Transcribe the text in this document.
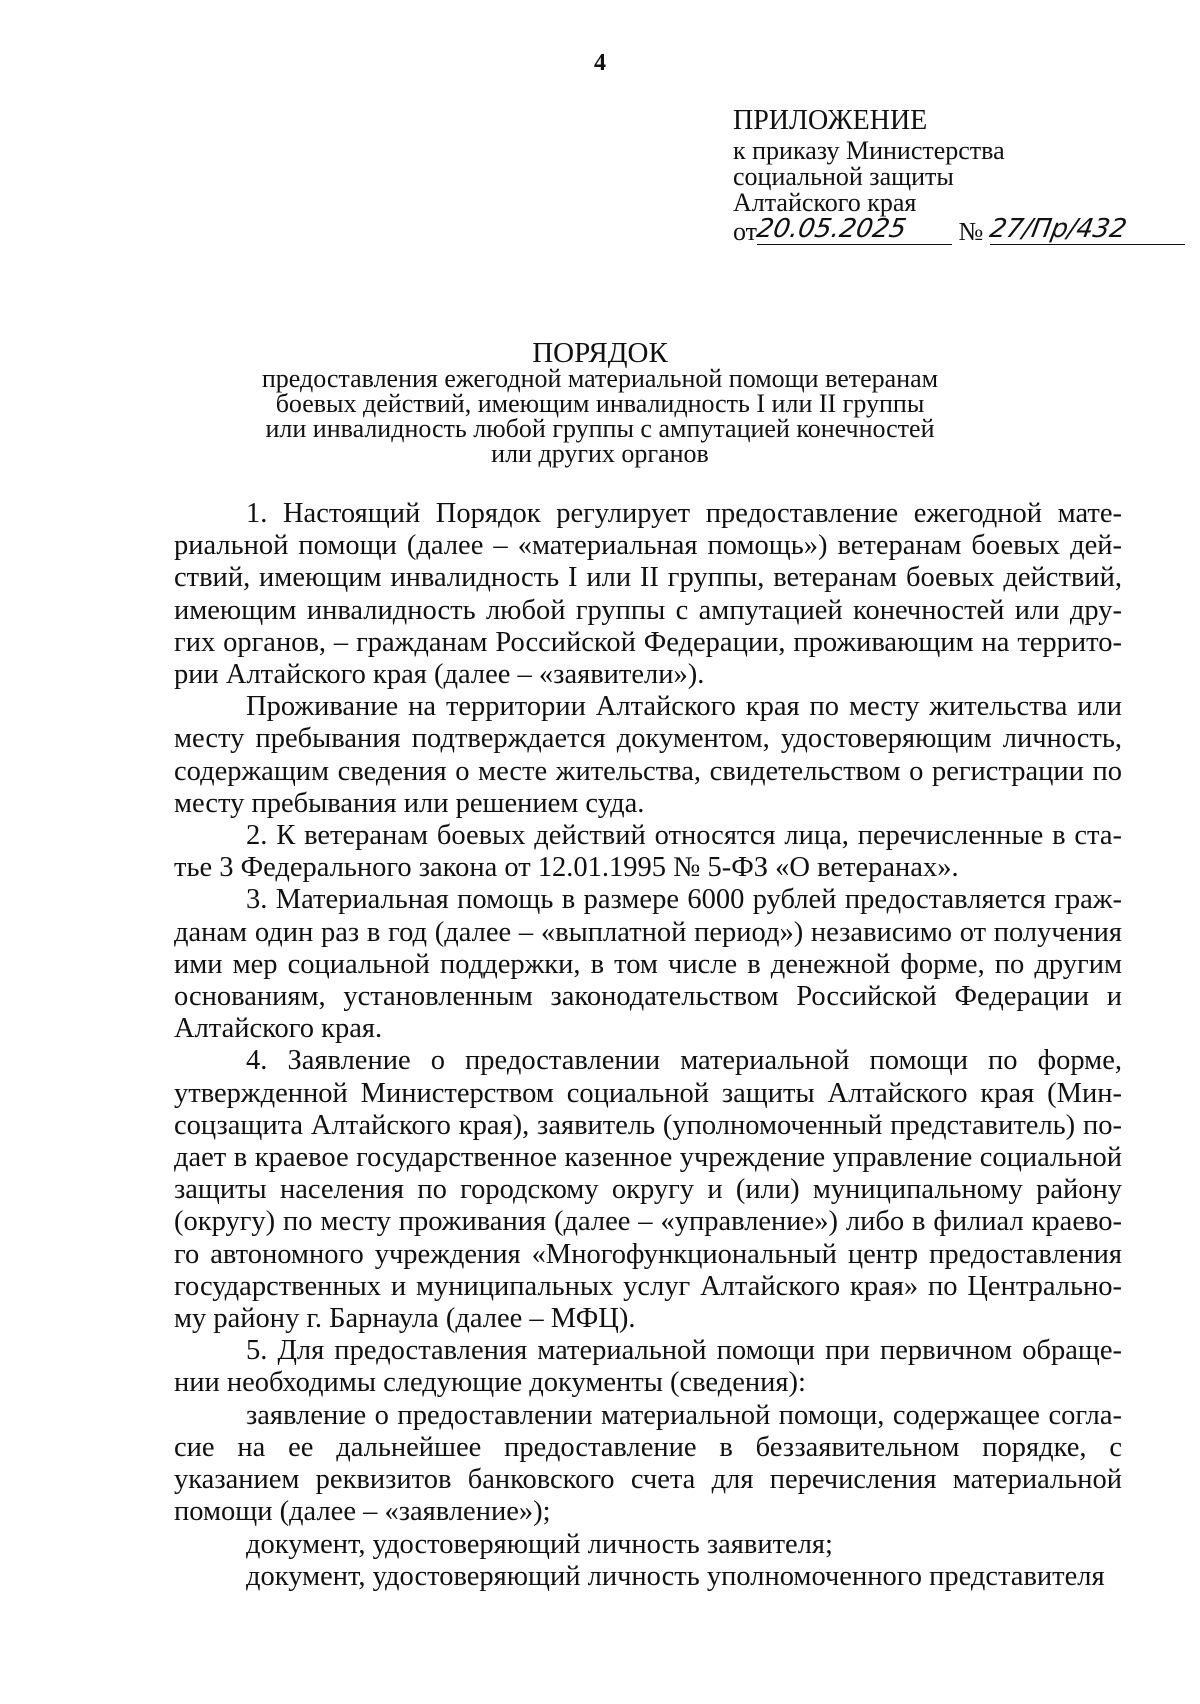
4
ПРИЛОЖЕНИЕ
к приказу Министерства
социальной защиты
Алтайского края
от
20.05.2025 № 27/Пр/432
ПОРЯДОК
предоставления ежегодной материальной помощи ветеранам
боевых действий, имеющим инвалидность I или II группы
или инвалидность любой группы с ампутацией конечностей
или других органов

1. Настоящий Порядок регулирует предоставление ежегодной материальной помощи (далее – «материальная помощь») ветеранам боевых действий, имеющим инвалидность I или II группы, ветеранам боевых действий, имеющим инвалидность любой группы с ампутацией конечностей или других органов, – гражданам Российской Федерации, проживающим на территории Алтайского края (далее – «заявители»).

Проживание на территории Алтайского края по месту жительства или месту пребывания подтверждается документом, удостоверяющим личность, содержащим сведения о месте жительства, свидетельством о регистрации по месту пребывания или решением суда.

2. К ветеранам боевых действий относятся лица, перечисленные в статье 3 Федерального закона от 12.01.1995 № 5-ФЗ «О ветеранах».

3. Материальная помощь в размере 6000 рублей предоставляется гражданам один раз в год (далее – «выплатной период») независимо от получения ими мер социальной поддержки, в том числе в денежной форме, по другим основаниям, установленным законодательством Российской Федерации и Алтайского края.

4. Заявление о предоставлении материальной помощи по форме, утвержденной Министерством социальной защиты Алтайского края (Минсоцзащита Алтайского края), заявитель (уполномоченный представитель) подает в краевое государственное казенное учреждение управление социальной защиты населения по городскому округу и (или) муниципальному району (округу) по месту проживания (далее – «управление») либо в филиал краевого автономного учреждения «Многофункциональный центр предоставления государственных и муниципальных услуг Алтайского края» по Центральному району г. Барнаула (далее – МФЦ).

5. Для предоставления материальной помощи при первичном обращении необходимы следующие документы (сведения):

заявление о предоставлении материальной помощи, содержащее согласие на ее дальнейшее предоставление в беззаявительном порядке, с указанием реквизитов банковского счета для перечисления материальной помощи (далее – «заявление»);

документ, удостоверяющий личность заявителя;

документ, удостоверяющий личность уполномоченного представителя
